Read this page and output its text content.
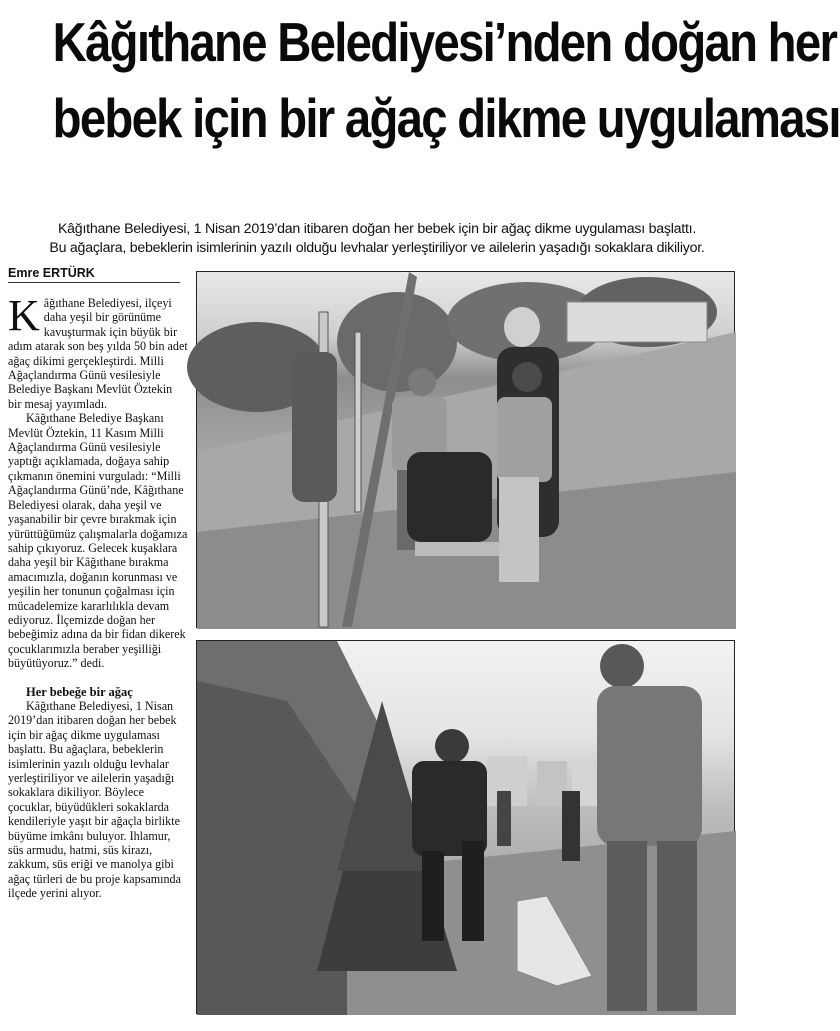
Kâğıthane Belediyesi’nden doğan her
bebek için bir ağaç dikme uygulaması
Kâğıthane Belediyesi, 1 Nisan 2019’dan itibaren doğan her bebek için bir ağaç dikme uygulaması başlattı.
Bu ağaçlara, bebeklerin isimlerinin yazılı olduğu levhalar yerleştiriliyor ve ailelerin yaşadığı sokaklara dikiliyor.
Emre ERTÜRK

Kâğıthane Belediyesi, ilçeyi daha yeşil bir görünüme kavuşturmak için büyük bir adım atarak son beş yılda 50 bin adet ağaç dikimi gerçekleştirdi. Milli Ağaçlandırma Günü vesilesiyle Belediye Başkanı Mevlüt Öztekin bir mesaj yayımladı.

Kâğıthane Belediye Başkanı Mevlüt Öztekin, 11 Kasım Milli Ağaçlandırma Günü vesilesiyle yaptığı açıklamada, doğaya sahip çıkmanın önemini vurguladı: “Milli Ağaçlandırma Günü’nde, Kâğıthane Belediyesi olarak, daha yeşil ve yaşanabilir bir çevre bırakmak için yürüttüğümüz çalışmalarla doğamıza sahip çıkıyoruz. Gelecek kuşaklara daha yeşil bir Kâğıthane bırakma amacımızla, doğanın korunması ve yeşilin her tonunun çoğalması için mücadelemize kararlılıkla devam ediyoruz. İlçemizde doğan her bebeğimiz adına da bir fidan dikerek çocuklarımızla beraber yeşilliği büyütüyoruz.” dedi.

Her bebeğe bir ağaç

Kâğıthane Belediyesi, 1 Nisan 2019’dan itibaren doğan her bebek için bir ağaç dikme uygulaması başlattı. Bu ağaçlara, bebeklerin isimlerinin yazılı olduğu levhalar yerleştiriliyor ve ailelerin yaşadığı sokaklara dikiliyor. Böylece çocuklar, büyüdükleri sokaklarda kendileriyle yaşıt bir ağaçla birlikte büyüme imkânı buluyor. Ihlamur, süs armudu, hatmi, süs kirazı, zakkum, süs eriği ve manolya gibi ağaç türleri de bu proje kapsamında ilçede yerini alıyor.
